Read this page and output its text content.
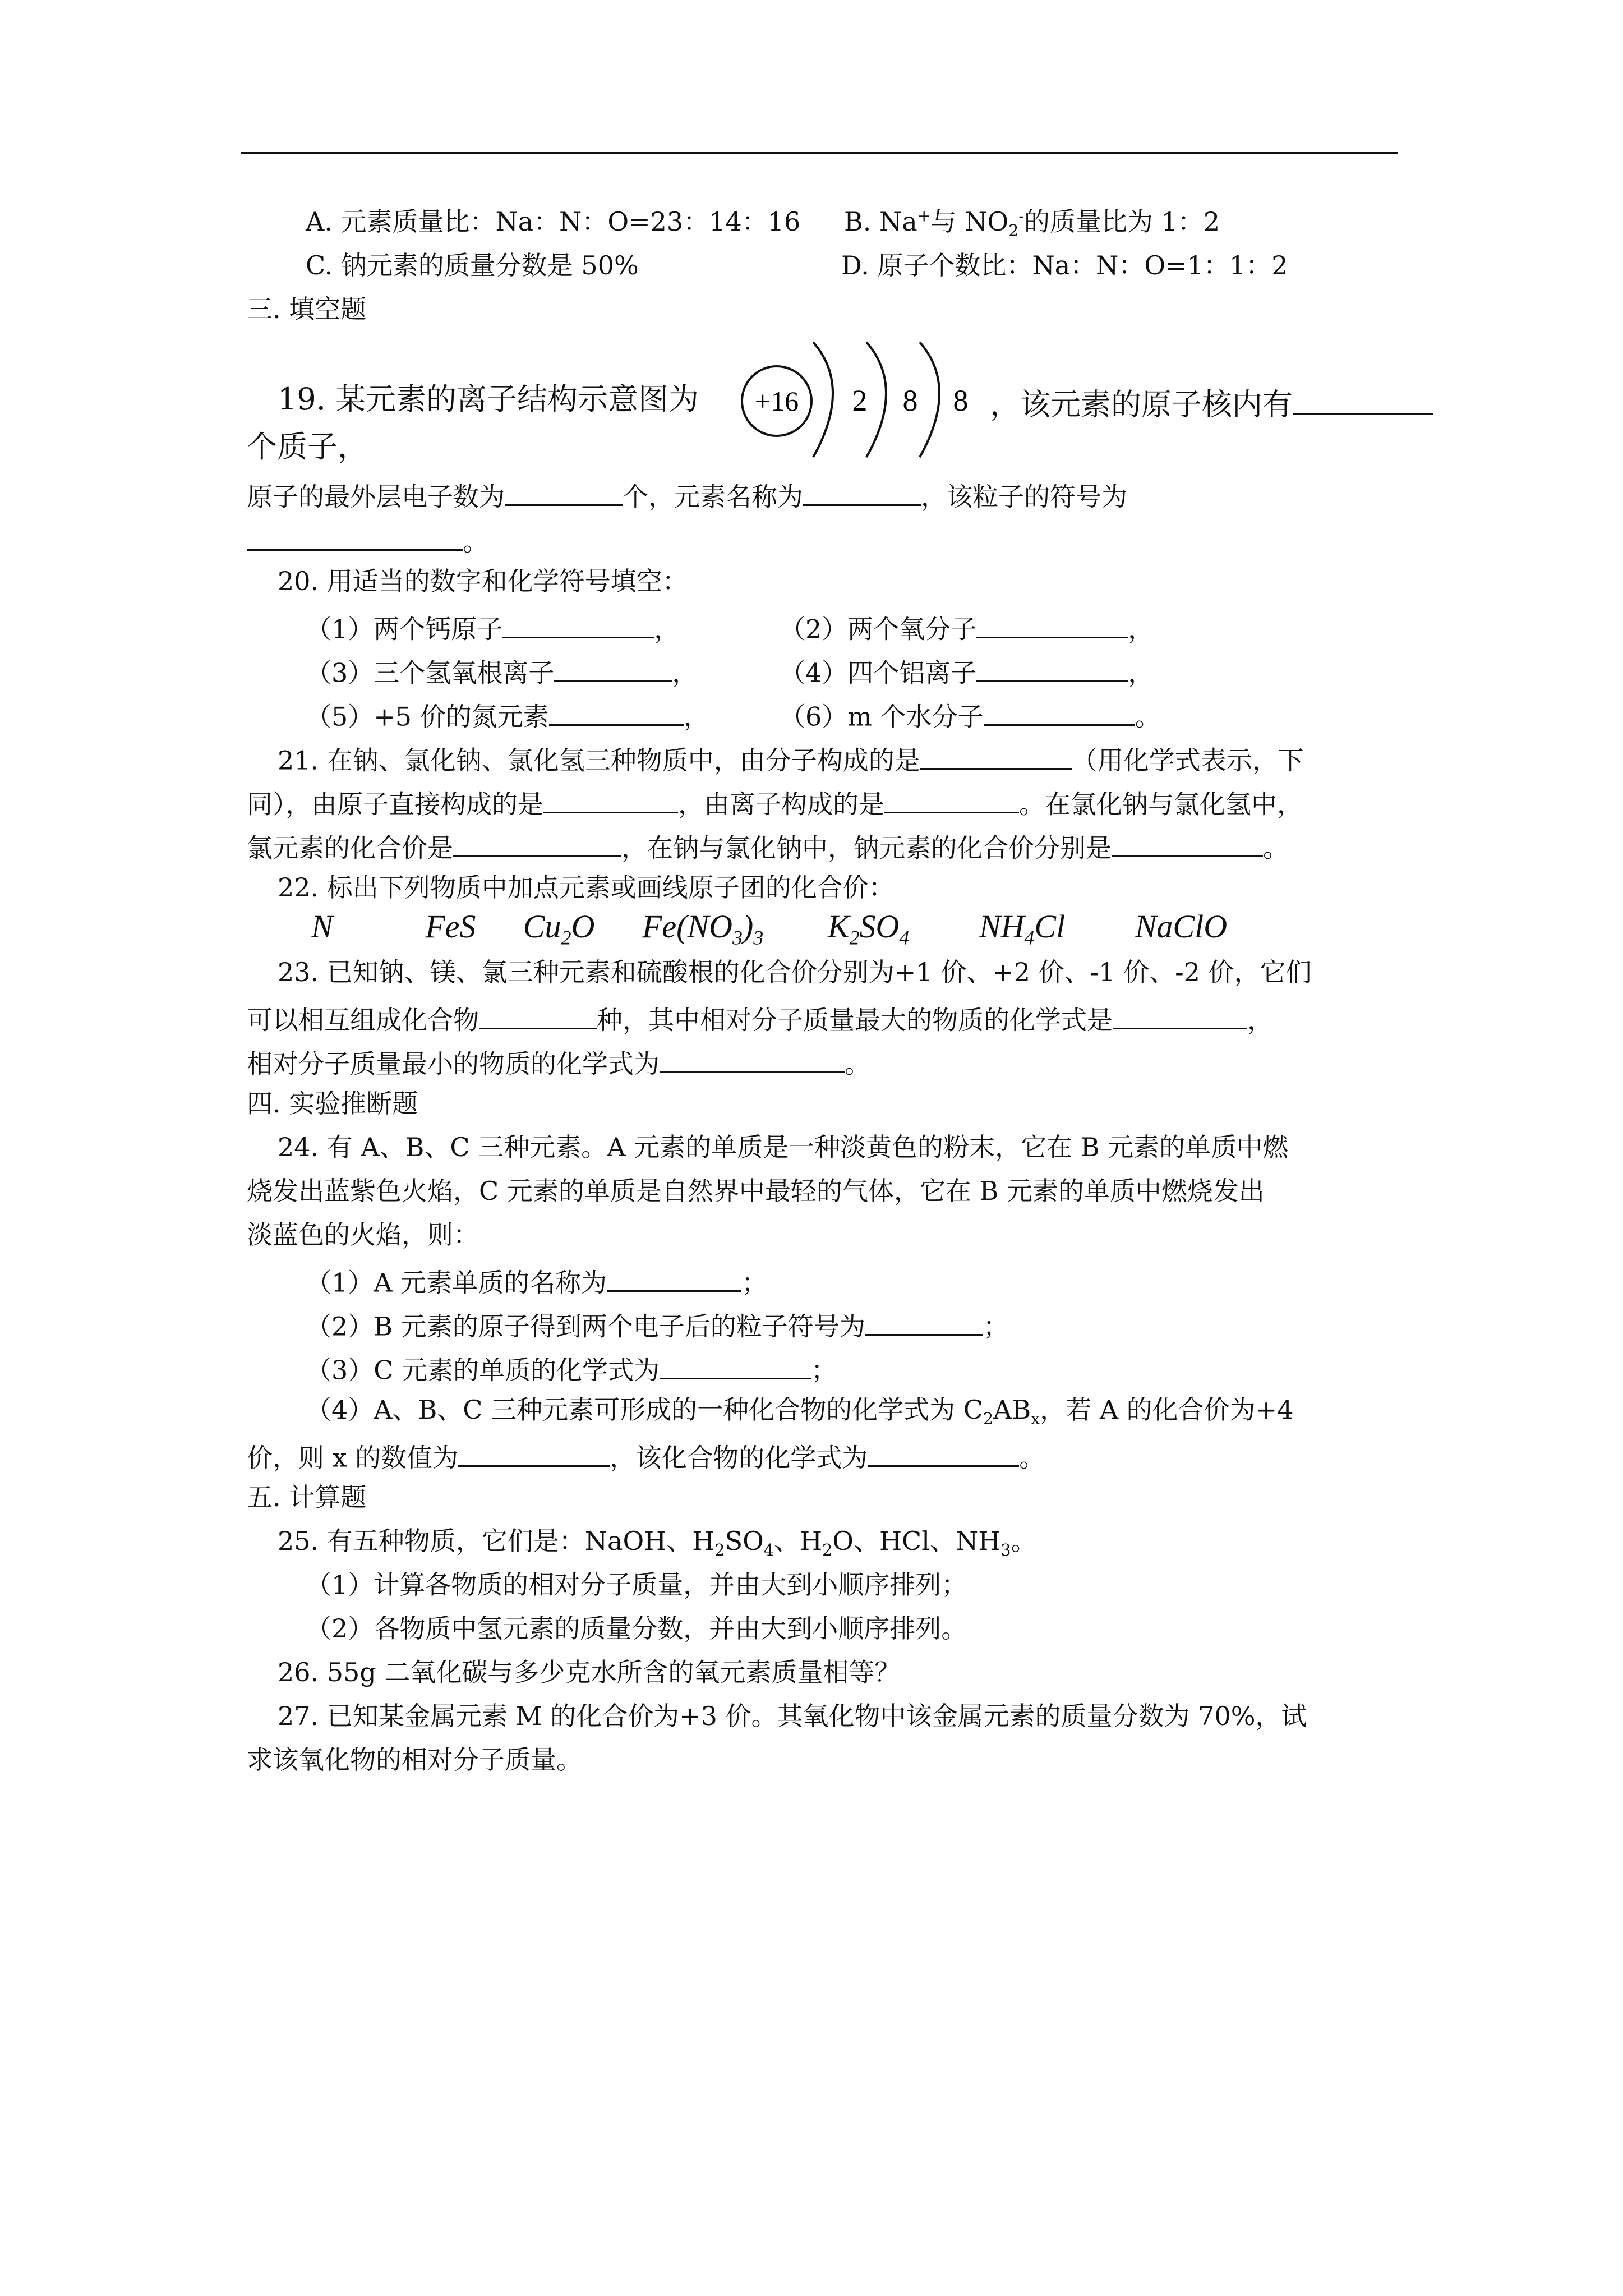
A. 元素质量比：Na：N：O=23：14：16 B. Na+与 $NO_2^-$的质量比为 1：2
C. 钠元素的质量分数是 50%	D. 原子个数比：Na：N：O=1：1：2
三. 填空题
19. 某元素的离子结构示意图为 +16 2 8 8 ，该元素的原子核内有
个质子，
原子的最外层电子数为	个，元素名称为	，该粒子的符号为
。
20. 用适当的数字和化学符号填空：
（1）两个钙原子	，	（2）两个氧分子	，
（3）三个氢氧根离子	，	（4）四个铝离子	，
（5）+5 价的氮元素	，	（6）m 个水分子	。
21. 在钠、氯化钠、氯化氢三种物质中，由分子构成的是	（用化学式表示，下
同），由原子直接构成的是	，由离子构成的是	。在氯化钠与氯化氢中，
氯元素的化合价是	，在钠与氯化钠中，钠元素的化合价分别是	。
22. 标出下列物质中加点元素或画线原子团的化合价：
N	FeS $Cu_2O$ $Fe(NO_3)_3$ $K_2SO_4$ $NH_4Cl$ NaClO
23. 已知钠、镁、氯三种元素和硫酸根的化合价分别为+1 价、+2 价、-1 价、-2 价，它们
可以相互组成化合物	种，其中相对分子质量最大的物质的化学式是	，
相对分子质量最小的物质的化学式为	。
四. 实验推断题
24. 有 A、B、C 三种元素。A 元素的单质是一种淡黄色的粉末，它在 B 元素的单质中燃
烧发出蓝紫色火焰，C 元素的单质是自然界中最轻的气体，它在 B 元素的单质中燃烧发出
淡蓝色的火焰，则：
（1）A 元素单质的名称为	；
（2）B 元素的原子得到两个电子后的粒子符号为	；
（3）C 元素的单质的化学式为	；
（4）A、B、C 三种元素可形成的一种化合物的化学式为 $C_2AB_x$，若 A 的化合价为+4
价，则 x 的数值为	，该化合物的化学式为	。
五. 计算题
25. 有五种物质，它们是：NaOH、$H_2SO_4$、$H_2O$、HCl、$NH_3$。
（1）计算各物质的相对分子质量，并由大到小顺序排列；
（2）各物质中氢元素的质量分数，并由大到小顺序排列。
26. 55g 二氧化碳与多少克水所含的氧元素质量相等？
27. 已知某金属元素 M 的化合价为+3 价。其氧化物中该金属元素的质量分数为 70%，试
求该氧化物的相对分子质量。
